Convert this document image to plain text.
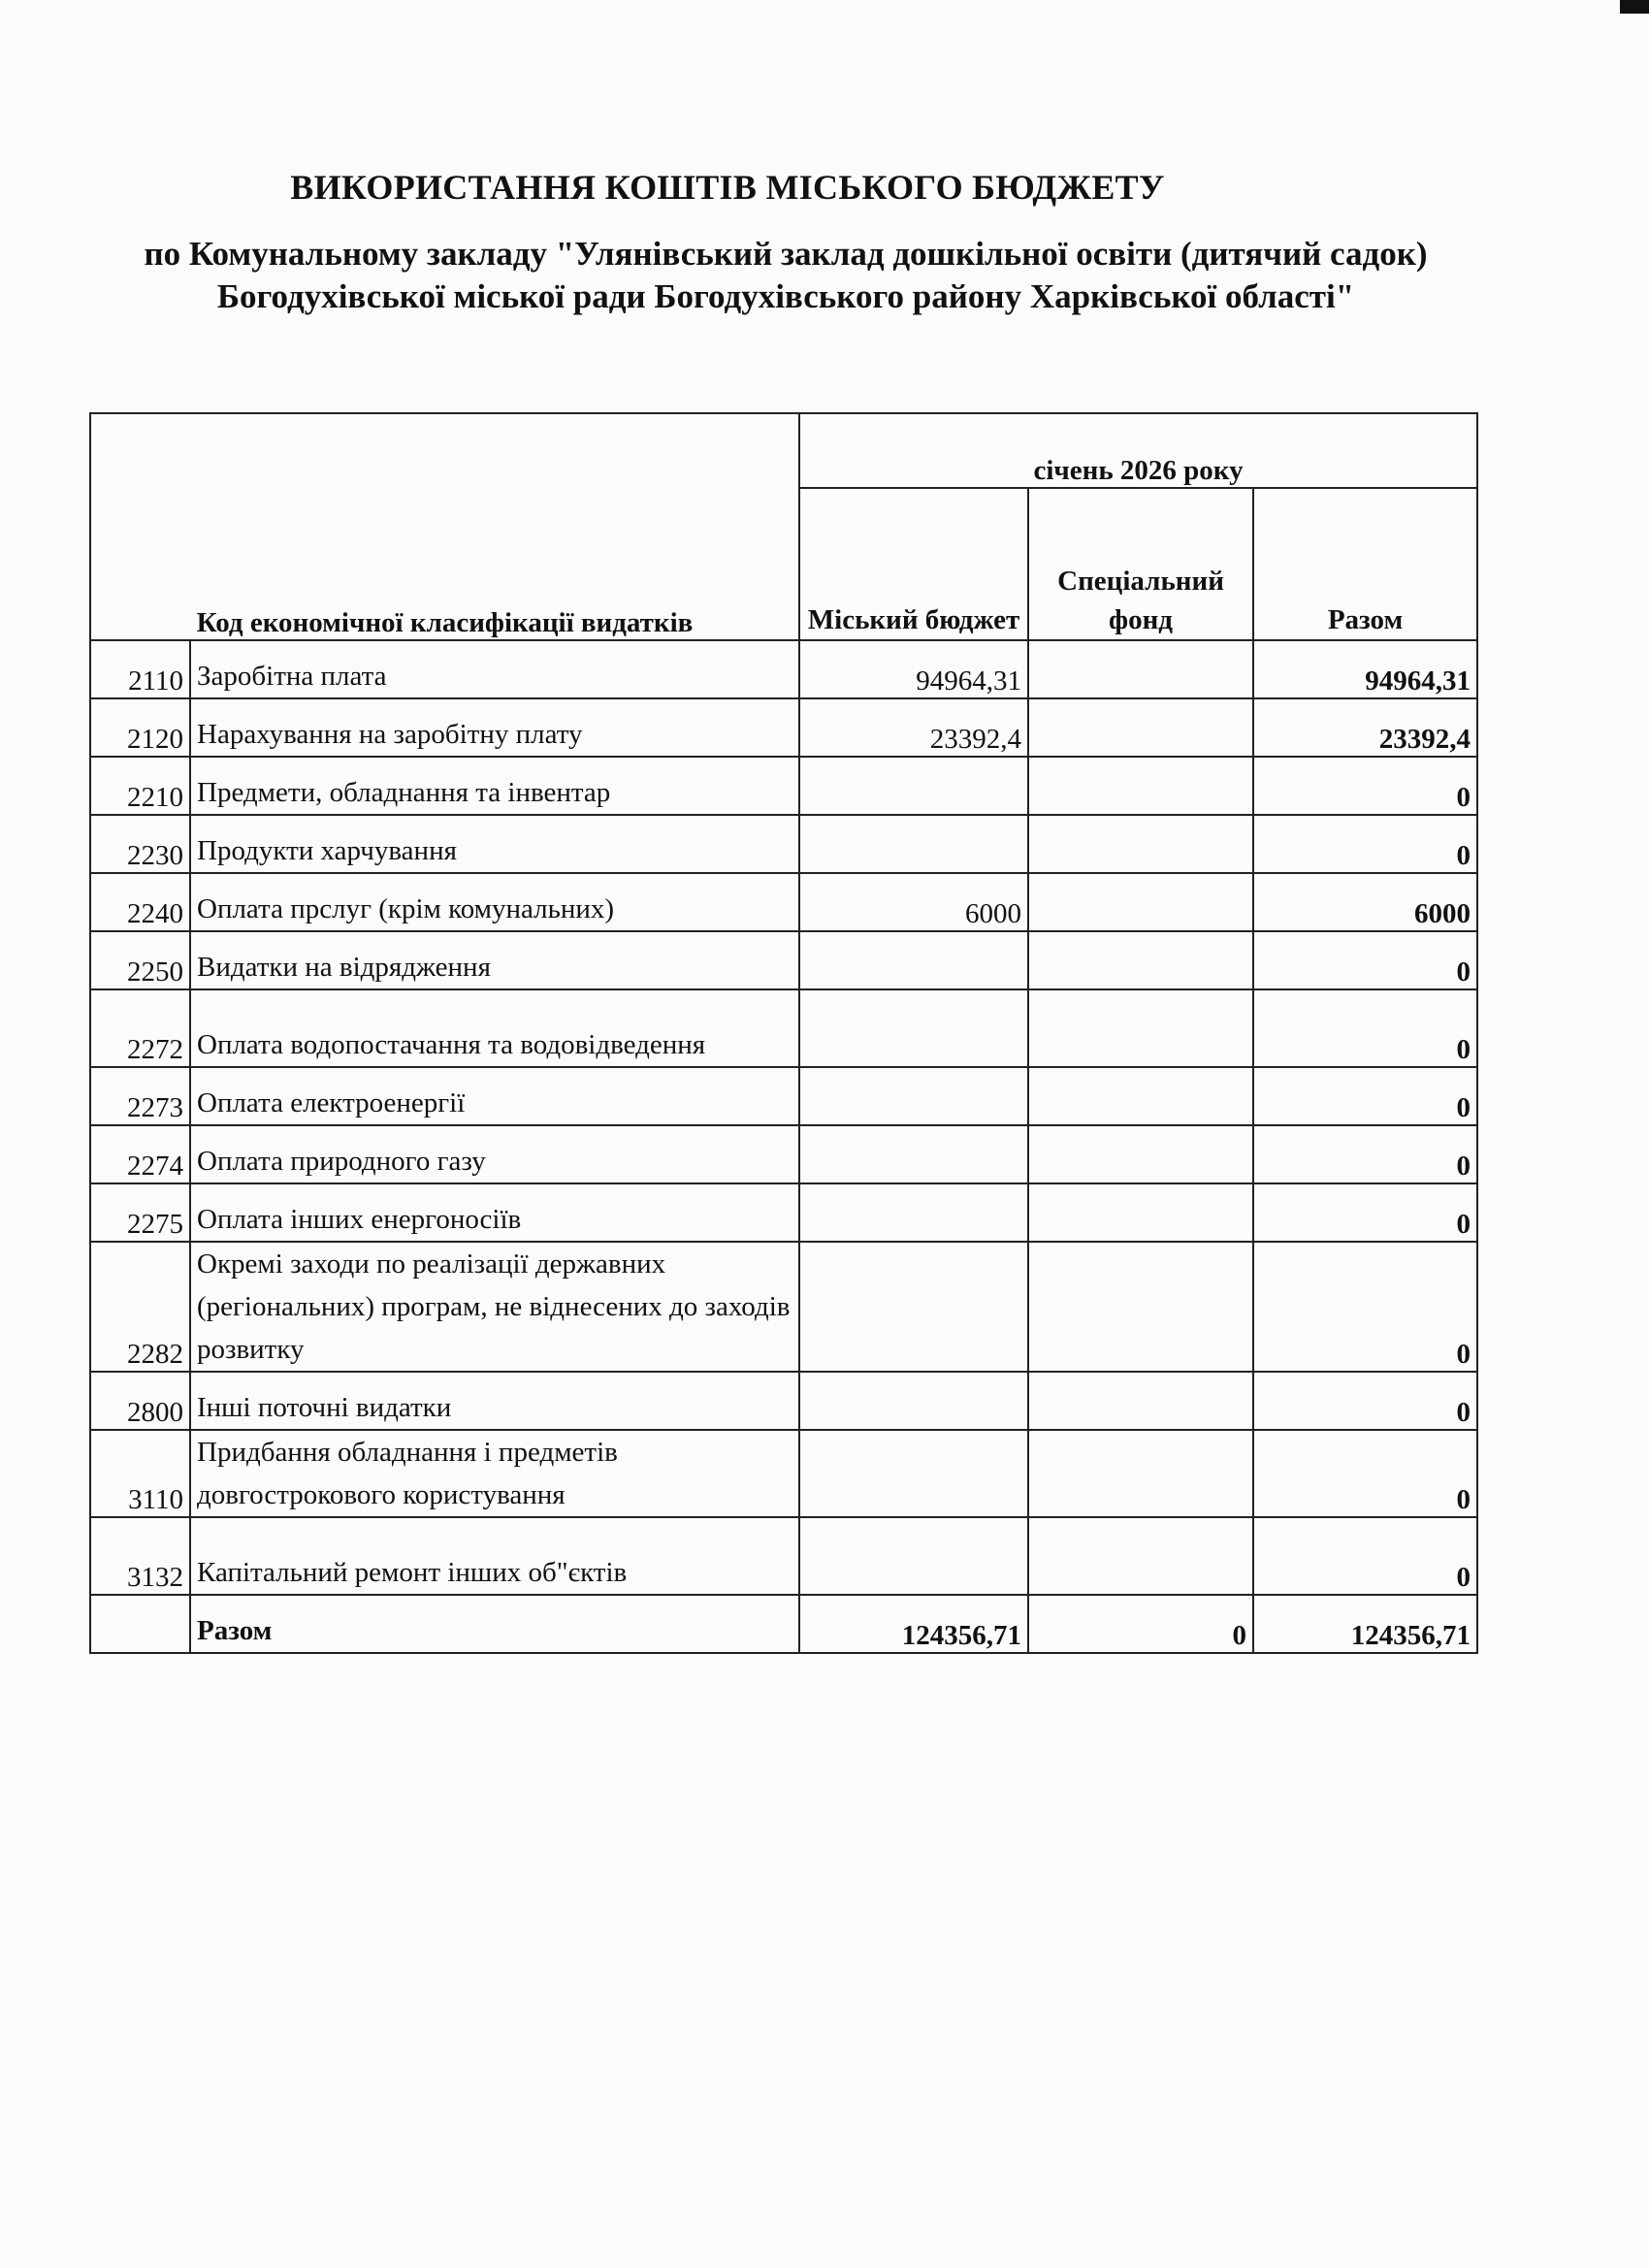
ВИКОРИСТАННЯ КОШТІВ МІСЬКОГО БЮДЖЕТУ
по Комунальному закладу "Улянівський заклад дошкільної освіти (дитячий садок) Богодухівської міської ради Богодухівського району Харківської області"
Код економічної класифікації видатків		січень 2026 року		
		Міський бюджет	Спеціальний фонд	Разом
2110	Заробітна плата	94964,31		94964,31
2120	Нарахування на заробітну плату	23392,4		23392,4
2210	Предмети, обладнання та інвентар			0
2230	Продукти харчування			0
2240	Оплата прслуг (крім комунальних)	6000		6000
2250	Видатки на відрядження			0
2272	Оплата водопостачання та водовідведення			0
2273	Оплата електроенергії			0
2274	Оплата природного газу			0
2275	Оплата інших енергоносіїв			0
2282	Окремі заходи по реалізації державних (регіональних) програм, не віднесених до заходів розвитку			0
2800	Інші поточні видатки			0
3110	Придбання обладнання і предметів довгострокового користування			0
3132	Капітальний ремонт інших об"єктів			0
	Разом	124356,71	0	124356,71
